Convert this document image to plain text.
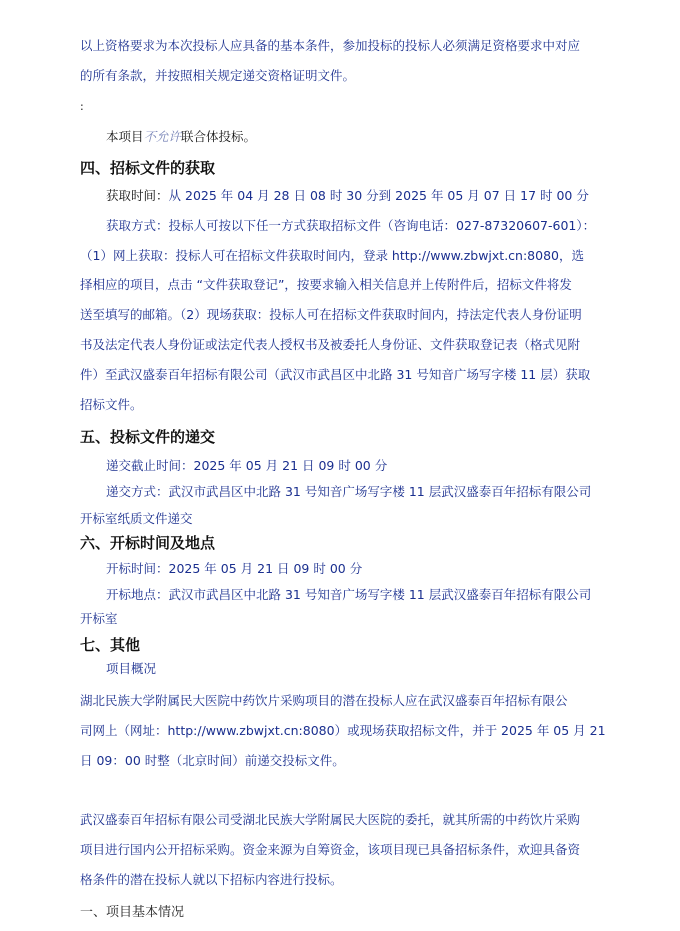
以上资格要求为本次投标人应具备的基本条件，参加投标的投标人必须满足资格要求中对应
的所有条款，并按照相关规定递交资格证明文件。
:
本项目不允许联合体投标。
四、招标文件的获取
获取时间：从 2025 年 04 月 28 日 08 时 30 分到 2025 年 05 月 07 日 17 时 00 分
获取方式：投标人可按以下任一方式获取招标文件（咨询电话：027-87320607-601）：
（1）网上获取：投标人可在招标文件获取时间内，登录 http://www.zbwjxt.cn:8080，选
择相应的项目，点击 “文件获取登记”，按要求输入相关信息并上传附件后，招标文件将发
送至填写的邮箱。（2）现场获取：投标人可在招标文件获取时间内，持法定代表人身份证明
书及法定代表人身份证或法定代表人授权书及被委托人身份证、文件获取登记表（格式见附
件）至武汉盛泰百年招标有限公司（武汉市武昌区中北路 31 号知音广场写字楼 11 层）获取
招标文件。
五、投标文件的递交
递交截止时间：2025 年 05 月 21 日 09 时 00 分
递交方式：武汉市武昌区中北路 31 号知音广场写字楼 11 层武汉盛泰百年招标有限公司
开标室纸质文件递交
六、开标时间及地点
开标时间：2025 年 05 月 21 日 09 时 00 分
开标地点：武汉市武昌区中北路 31 号知音广场写字楼 11 层武汉盛泰百年招标有限公司
开标室
七、其他
项目概况
湖北民族大学附属民大医院中药饮片采购项目的潜在投标人应在武汉盛泰百年招标有限公
司网上（网址：http://www.zbwjxt.cn:8080）或现场获取招标文件，并于 2025 年 05 月 21
日 09：00 时整（北京时间）前递交投标文件。
武汉盛泰百年招标有限公司受湖北民族大学附属民大医院的委托，就其所需的中药饮片采购
项目进行国内公开招标采购。资金来源为自筹资金，该项目现已具备招标条件，欢迎具备资
格条件的潜在投标人就以下招标内容进行投标。
一、项目基本情况
